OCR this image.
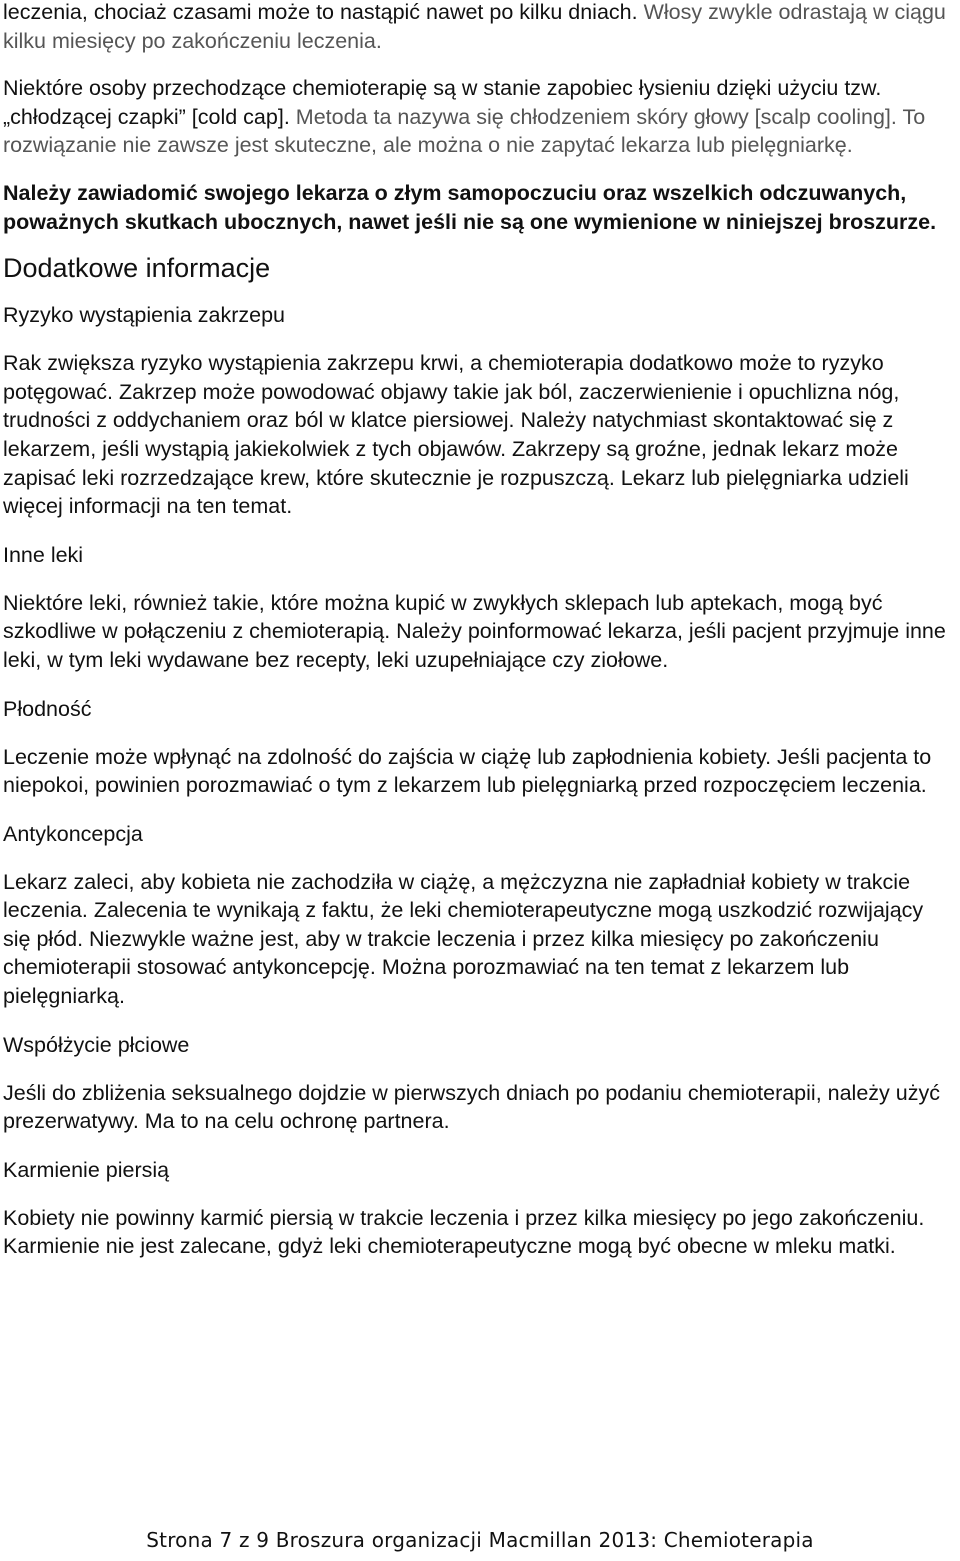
leczenia, chociaż czasami może to nastąpić nawet po kilku dniach. Włosy zwykle odrastają w ciągu kilku miesięcy po zakończeniu leczenia.

Niektóre osoby przechodzące chemioterapię są w stanie zapobiec łysieniu dzięki użyciu tzw. „chłodzącej czapki” [cold cap]. Metoda ta nazywa się chłodzeniem skóry głowy [scalp cooling]. To rozwiązanie nie zawsze jest skuteczne, ale można o nie zapytać lekarza lub pielęgniarkę.

Należy zawiadomić swojego lekarza o złym samopoczuciu oraz wszelkich odczuwanych, poważnych skutkach ubocznych, nawet jeśli nie są one wymienione w niniejszej broszurze.

Dodatkowe informacje
Ryzyko wystąpienia zakrzepu

Rak zwiększa ryzyko wystąpienia zakrzepu krwi, a chemioterapia dodatkowo może to ryzyko potęgować. Zakrzep może powodować objawy takie jak ból, zaczerwienienie i opuchlizna nóg, trudności z oddychaniem oraz ból w klatce piersiowej. Należy natychmiast skontaktować się z lekarzem, jeśli wystąpią jakiekolwiek z tych objawów. Zakrzepy są groźne, jednak lekarz może zapisać leki rozrzedzające krew, które skutecznie je rozpuszczą. Lekarz lub pielęgniarka udzieli więcej informacji na ten temat.

Inne leki

Niektóre leki, również takie, które można kupić w zwykłych sklepach lub aptekach, mogą być szkodliwe w połączeniu z chemioterapią. Należy poinformować lekarza, jeśli pacjent przyjmuje inne leki, w tym leki wydawane bez recepty, leki uzupełniające czy ziołowe.

Płodność

Leczenie może wpłynąć na zdolność do zajścia w ciążę lub zapłodnienia kobiety. Jeśli pacjenta to niepokoi, powinien porozmawiać o tym z lekarzem lub pielęgniarką przed rozpoczęciem leczenia.

Antykoncepcja

Lekarz zaleci, aby kobieta nie zachodziła w ciążę, a mężczyzna nie zapładniał kobiety w trakcie leczenia. Zalecenia te wynikają z faktu, że leki chemioterapeutyczne mogą uszkodzić rozwijający się płód. Niezwykle ważne jest, aby w trakcie leczenia i przez kilka miesięcy po zakończeniu chemioterapii stosować antykoncepcję. Można porozmawiać na ten temat z lekarzem lub pielęgniarką.

Współżycie płciowe

Jeśli do zbliżenia seksualnego dojdzie w pierwszych dniach po podaniu chemioterapii, należy użyć prezerwatywy. Ma to na celu ochronę partnera.

Karmienie piersią

Kobiety nie powinny karmić piersią w trakcie leczenia i przez kilka miesięcy po jego zakończeniu. Karmienie nie jest zalecane, gdyż leki chemioterapeutyczne mogą być obecne w mleku matki.

Strona 7 z 9 Broszura organizacji Macmillan 2013: Chemioterapia
